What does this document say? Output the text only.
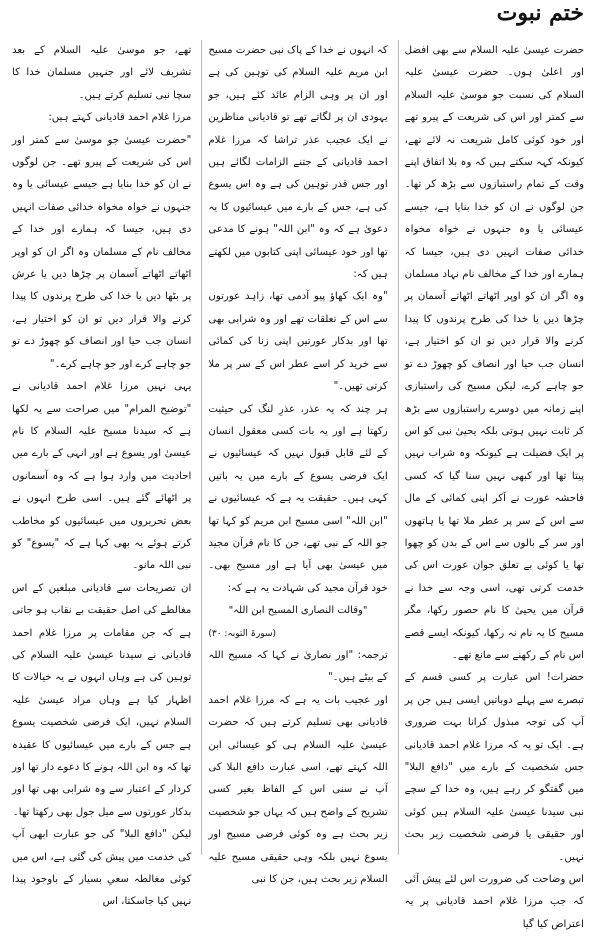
ختم نبوت

حضرت عیسیٰ علیہ السلام سے بھی افضل اور اعلیٰ ہوں۔ حضرت عیسیٰ علیہ السلام کی نسبت جو موسیٰ علیہ السلام سے کمتر اور اس کی شریعت کے پیرو تھے اور خود کوئی کامل شریعت نہ لائے تھے، کیونکہ کہہ سکتے ہیں کہ وہ بلا اتفاق اپنے وقت کے تمام راستبازوں سے بڑھ کر تھا۔ جن لوگوں نے ان کو خدا بنایا ہے، جیسے عیسائی یا وہ جنہوں نے خواہ مخواہ خدائی صفات انہیں دی ہیں، جیسا کہ ہمارے اور خدا کے مخالف نام نہاد مسلمان وہ اگر ان کو اوپر اٹھاتے اٹھاتے آسمان پر چڑھا دیں یا خدا کی طرح پرندوں کا پیدا کرنے والا قرار دیں تو ان کو اختیار ہے، انسان جب حیا اور انصاف کو چھوڑ دے تو جو چاہے کرے، لیکن مسیح کی راستبازی اپنے زمانہ میں دوسرے راستبازوں سے بڑھ کر ثابت نہیں ہوتی بلکہ یحییٰ نبی کو اس پر ایک فضیلت ہے کیونکہ وہ شراب نہیں پیتا تھا اور کبھی نہیں سنا گیا کہ کسی فاحشہ عورت نے آکر اپنی کمائی کے مال سے اس کے سر پر عطر ملا تھا یا ہاتھوں اور سر کے بالوں سے اس کے بدن کو چھوا تھا یا کوئی بے تعلق جوان عورت اس کی خدمت کرتی تھی، اسی وجہ سے خدا نے قرآن میں یحییٰ کا نام حصور رکھا، مگر مسیح کا یہ نام نہ رکھا، کیونکہ ایسے قصے اس نام کے رکھنے سے مانع تھے۔

حضرات! اس عبارت پر کسی قسم کے تبصرے سے پہلے دوباتیں ایسی ہیں جن پر آپ کی توجہ مبذول کرانا بہت ضروری ہے۔ ایک تو یہ کہ مرزا غلام احمد قادیانی جس شخصیت کے بارے میں "دافع البلا" میں گفتگو کر رہے ہیں، وہ خدا کے سچے نبی سیدنا عیسیٰ علیہ السلام ہیں کوئی اور حقیقی یا فرضی شخصیت زیر بحث نہیں۔

اس وضاحت کی ضرورت اس لئے پیش آئی کہ جب مرزا غلام احمد قادیانی پر یہ اعتراض کیا گیا

کہ انہوں نے خدا کے پاک نبی حضرت مسیح ابن مریم علیہ السلام کی توہین کی ہے اور ان پر وہی الزام عائد کئے ہیں، جو یہودی ان پر لگاتے تھے تو قادیانی مناظرین نے ایک عجیب عذر تراشا کہ مرزا غلام احمد قادیانی کے جتنے الزامات لگائے ہیں اور جس قدر توہین کی ہے وہ اس یسوع کی ہے، جس کے بارے میں عیسائیوں کا یہ دعویٰ ہے کہ وہ "ابن اللہ" ہونے کا مدعی تھا اور خود عیسائی اپنی کتابوں میں لکھتے ہیں کہ:

"وہ ایک کھاؤ پیو آدمی تھا، زاہد عورتوں سے اس کے تعلقات تھے اور وہ شرابی بھی تھا اور بدکار عورتیں اپنی زنا کی کمائی سے خرید کر اسے عطر اس کے سر پر ملا کرتی تھیں۔"

ہر چند کہ یہ عذر، عذرِ لنگ کی حیثیت رکھتا ہے اور یہ بات کسی معقول انسان کے لئے قابل قبول نہیں کہ عیسائیوں نے ایک فرضی یسوع کے بارے میں یہ باتیں کہی ہیں۔ حقیقت یہ ہے کہ عیسائیوں نے "ابن اللہ" اسی مسیح ابن مریم کو کہا تھا جو اللہ کے نبی تھے، جن کا نام قرآن مجید میں عیسیٰ بھی آیا ہے اور مسیح بھی۔ خود قرآن مجید کی شہادت یہ ہے کہ:

"وقالت النصاری المسیح ابن اللہ"

(سورۃ التوبہ: ۳۰)

ترجمہ: "اور نصاریٰ نے کہا کہ مسیح اللہ کے بیٹے ہیں۔"

اور عجیب بات یہ ہے کہ مرزا غلام احمد قادیانی بھی تسلیم کرتے ہیں کہ حضرت عیسیٰ علیہ السلام ہی کو عیسائی ابن اللہ کہتے تھے، اسی عبارت دافع البلا کی آپ نے سنی اس کے الفاظ بغیر کسی تشریح کے واضح ہیں کہ یہاں جو شخصیت زیر بحث ہے وہ کوئی فرضی مسیح اور یسوع نہیں بلکہ وہی حقیقی مسیح علیہ السلام زیر بحث ہیں، جن کا نبی

تھے، جو موسیٰ علیہ السلام کے بعد تشریف لائے اور جنہیں مسلمان خدا کا سچا نبی تسلیم کرتے ہیں۔

مرزا غلام احمد قادیانی کہتے ہیں:

"حضرت عیسیٰ جو موسیٰ سے کمتر اور اس کی شریعت کے پیرو تھے۔ جن لوگوں نے ان کو خدا بنایا ہے جیسے عیسائی یا وہ جنہوں نے خواہ مخواہ خدائی صفات انہیں دی ہیں، جیسا کہ ہمارے اور خدا کے مخالف نام کے مسلمان وہ اگر ان کو اوپر اٹھاتے اٹھاتے آسمان پر چڑھا دیں یا عرش پر بٹھا دیں یا خدا کی طرح پرندوں کا پیدا کرنے والا قرار دیں تو ان کو اختیار ہے، انسان جب حیا اور انصاف کو چھوڑ دے تو جو چاہے کرے اور جو چاہے کرے۔"

یہی نہیں مرزا غلام احمد قادیانی نے "توضیح المرام" میں صراحت سے یہ لکھا ہے کہ سیدنا مسیح علیہ السلام کا نام عیسیٰ اور یسوع ہے اور انہی کے بارے میں احادیث میں وارد ہوا ہے کہ وہ آسمانوں پر اٹھائے گئے ہیں۔ اسی طرح انہوں نے بعض تحریروں میں عیسائیوں کو مخاطب کرتے ہوئے یہ بھی کہا ہے کہ "یسوع" کو نبی اللہ مانو۔

ان تصریحات سے قادیانی مبلغین کے اس مغالطے کی اصل حقیقت بے نقاب ہو جاتی ہے کہ جن مقامات پر مرزا غلام احمد قادیانی نے سیدنا عیسیٰ علیہ السلام کی توہین کی ہے وہاں انہوں نے یہ خیالات کا اظہار کیا ہے وہاں مراد عیسیٰ علیہ السلام نہیں، ایک فرضی شخصیت یسوع ہے جس کے بارے میں عیسائیوں کا عقیدہ تھا کہ وہ ابن اللہ ہونے کا دعوے دار تھا اور کردار کے اعتبار سے وہ شرابی بھی تھا اور بدکار عورتوں سے میل جول بھی رکھتا تھا۔

لیکن "دافع البلا" کی جو عبارت ابھی آپ کی خدمت میں پیش کی گئی ہے، اس میں کوئی مغالطہ سعیِ بسیار کے باوجود پیدا نہیں کیا جاسکتا، اس
